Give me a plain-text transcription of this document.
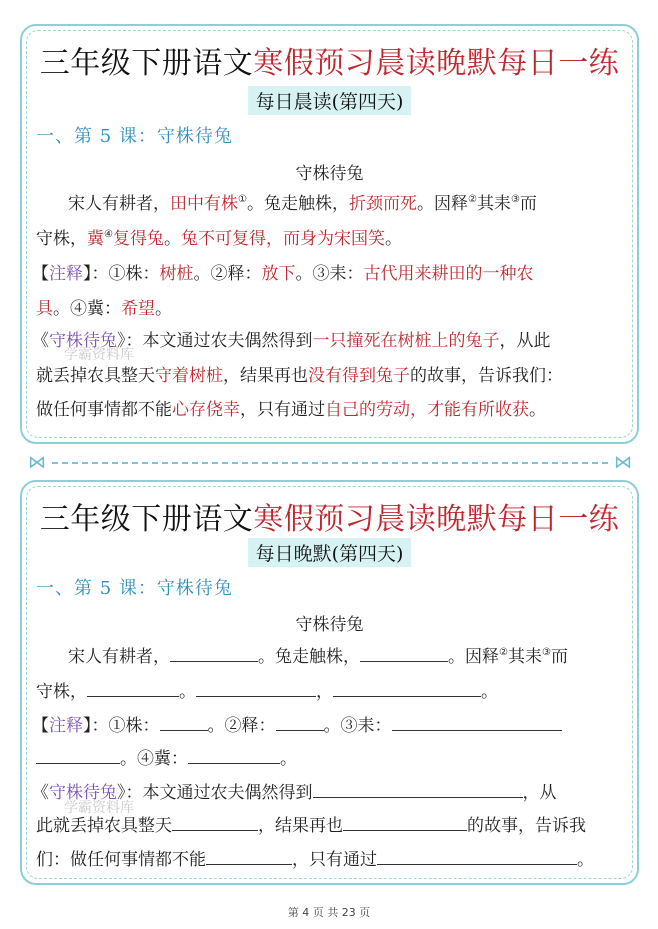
三年级下册语文寒假预习晨读晚默每日一练
每日晨读(第四天)
一、第 5 课：守株待兔
守株待兔
宋人有耕者，田中有株①。兔走触株，折颈而死。因释②其耒③而
守株，冀④复得兔。兔不可复得，而身为宋国笑。
【注释】：①株：树桩。②释：放下。③耒：古代用来耕田的一种农
具。④冀：希望。
《守株待兔》：本文通过农夫偶然得到一只撞死在树桩上的兔子，从此
就丢掉农具整天守着树桩，结果再也没有得到兔子的故事，告诉我们：
做任何事情都不能心存侥幸，只有通过自己的劳动，才能有所收获。
学霸资料库
⋈	⋈
三年级下册语文寒假预习晨读晚默每日一练
每日晚默(第四天)
一、第 5 课：守株待兔
守株待兔
宋人有耕者，	。兔走触株，	。因释②其耒③而
守株，	。	，	。
【注释】：①株：	。②释：	。③耒：
。④冀：	。
《守株待兔》：本文通过农夫偶然得到	，从
此就丢掉农具整天	，结果再也	的故事，告诉我
们：做任何事情都不能	，只有通过	。
学霸资料库
第 4 页 共 23 页
